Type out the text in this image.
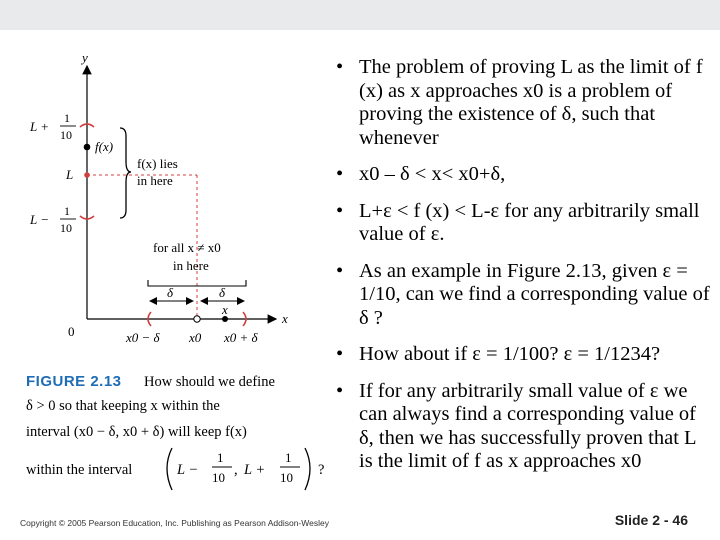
y
x
0
L +
1
10
L
L −
1
10
f(x)
f(x) lies
in here
for all x ≠ x0
in here
δ	δ
x
x0 − δ x0 x0 + δ
FIGURE 2.13 How should we define
δ > 0 so that keeping x within the
interval (x0 − δ, x0 + δ) will keep f(x)
within the interval	L −
1
10 , L +
1
10 ?
• The problem of proving L as the limit of f (x) as x approaches x0 is a problem of proving the existence of δ, such that whenever
• x0 – δ < x< x0+δ,
• L+ε < f (x) < L-ε for any arbitrarily small value of ε.
• As an example in Figure 2.13, given ε = 1/10, can we find a corresponding value of δ ?
• How about if ε = 1/100? ε = 1/1234?
• If for any arbitrarily small value of ε we can always find a corresponding value of δ, then we has successfully proven that L is the limit of f as x approaches x0
Copyright © 2005 Pearson Education, Inc. Publishing as Pearson Addison-Wesley	Slide 2 - 46
